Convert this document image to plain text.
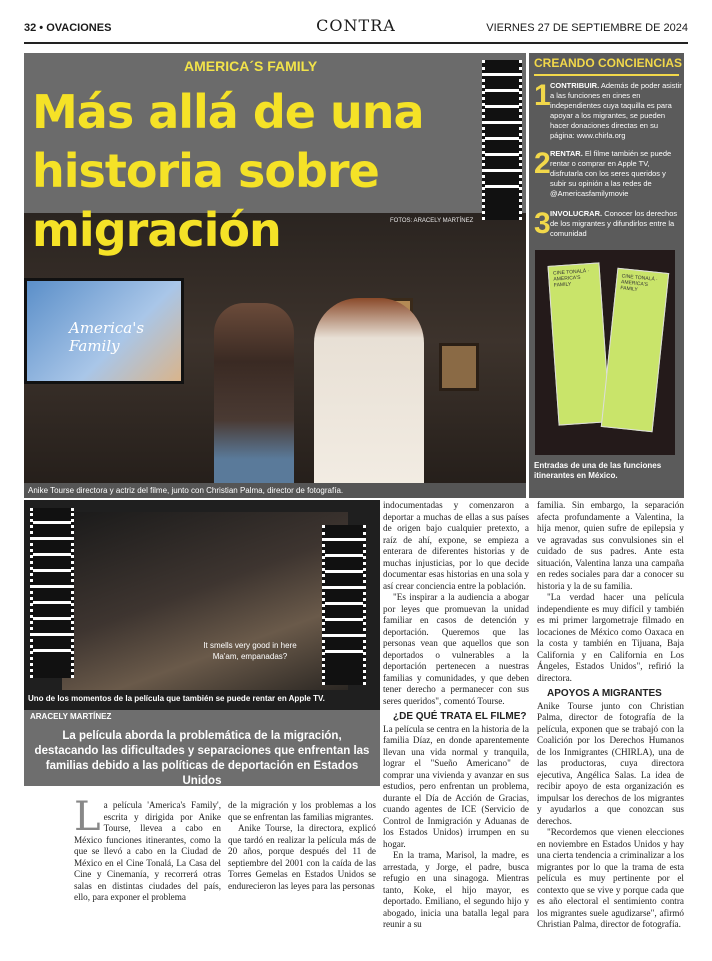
32 • OVACIONES	CONTRA	VIERNES 27 DE SEPTIEMBRE DE 2024
America's Family
AMERICA´S FAMILY
Más allá de una historia sobre migración	FOTOS: ARACELY MARTÍNEZ
Anike Tourse directora y actriz del filme, junto con Christian Palma, director de fotografía.
CREANDO CONCIENCIAS
1 CONTRIBUIR. Además de poder asistir a las funciones en cines en independientes cuya taquilla es para apoyar a los migrantes, se pueden hacer donaciones directas en su página: www.chirla.org
2 RENTAR. El filme también se puede rentar o comprar en Apple TV, disfrutarla con los seres queridos y subir su opinión a las redes de @Americasfamilymovie
3 INVOLUCRAR. Conocer los derechos de los migrantes y difundirlos entre la comunidad
CINE TONALÁ · AMERICA'S FAMILY
CINE TONALÁ · AMERICA'S FAMILY
Entradas de una de las funciones itinerantes en México.
It smells very good in here Ma'am, empanadas?
Uno de los momentos de la película que también se puede rentar en Apple TV.
ARACELY MARTÍNEZ
La película aborda la problemática de la migración, destacando las dificultades y separaciones que enfrentan las familias debido a las políticas de deportación en Estados Unidos

La película 'America's Family', escrita y dirigida por Anike Tourse, llevea a cabo en México funciones itinerantes, como la que se llevó a cabo en la Ciudad de México en el Cine Tonalá, La Casa del Cine y Cinemanía, y recorrerá otras salas en distintas ciudades del país, ello, para exponer el problema

de la migración y los problemas a los que se enfrentan las familias migrantes.

Anike Tourse, la directora, explicó que tardó en realizar la película más de 20 años, porque después del 11 de septiembre del 2001 con la caída de las Torres Gemelas en Estados Unidos se endurecieron las leyes para las personas

indocumentadas y comenzaron a deportar a muchas de ellas a sus países de origen bajo cualquier pretexto, a raíz de ahí, expone, se empieza a enterara de diferentes historias y de muchas injusticias, por lo que decide documentar esas historias en una sola y así crear conciencia entre la población.

"Es inspirar a la audiencia a abogar por leyes que promuevan la unidad familiar en casos de detención y deportación. Queremos que las personas vean que aquellos que son deportados o vulnerables a la deportación pertenecen a nuestras familias y comunidades, y que deben tener derecho a permanecer con sus seres queridos", comentó Tourse.

¿DE QUÉ TRATA EL FILME?

La película se centra en la historia de la familia Díaz, en donde aparentemente llevan una vida normal y tranquila, lograr el "Sueño Americano" de comprar una vivienda y avanzar en sus estudios, pero enfrentan un problema, durante el Día de Acción de Gracias, cuando agentes de ICE (Servicio de Control de Inmigración y Aduanas de los Estados Unidos) irrumpen en su hogar.

En la trama, Marisol, la madre, es arrestada, y Jorge, el padre, busca refugio en una sinagoga. Mientras tanto, Koke, el hijo mayor, es deportado. Emiliano, el segundo hijo y abogado, inicia una batalla legal para reunir a su

familia. Sin embargo, la separación afecta profundamente a Valentina, la hija menor, quien sufre de epilepsia y ve agravadas sus convulsiones sin el cuidado de sus padres. Ante esta situación, Valentina lanza una campaña en redes sociales para dar a conocer su historia y la de su familia.

"La verdad hacer una película independiente es muy difícil y también es mi primer largometraje filmado en locaciones de México como Oaxaca en la costa y también en Tijuana, Baja California y en California en Los Ángeles, Estados Unidos", refirió la directora.

APOYOS A MIGRANTES

Anike Tourse junto con Christian Palma, director de fotografía de la película, exponen que se trabajó con la Coalición por los Derechos Humanos de los Inmigrantes (CHIRLA), una de las productoras, cuya directora ejecutiva, Angélica Salas. La idea de recibir apoyo de esta organización es impulsar los derechos de los migrantes y ayudarlos a que conozcan sus derechos.

"Recordemos que vienen elecciones en noviembre en Estados Unidos y hay una cierta tendencia a criminalizar a los migrantes por lo que la trama de esta película es muy pertinente por el contexto que se vive y porque cada que es año electoral el sentimiento contra los migrantes suele agudizarse", afirmó Christian Palma, director de fotografía.
